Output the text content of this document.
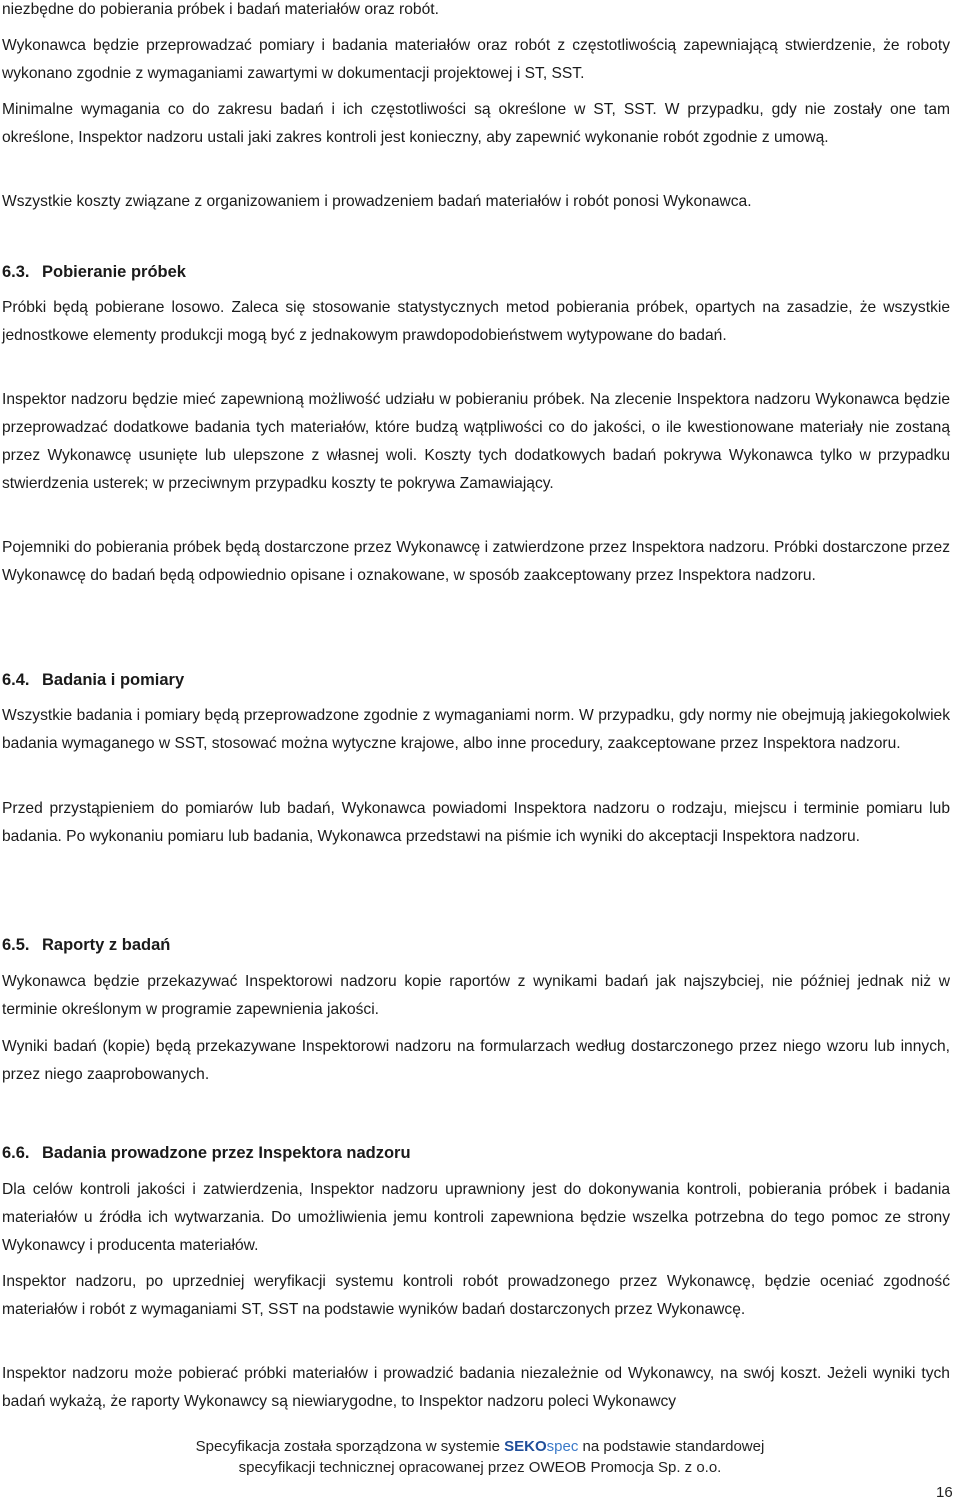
niezbędne do pobierania próbek i badań materiałów oraz robót.

Wykonawca będzie przeprowadzać pomiary i badania materiałów oraz robót z częstotliwością zapewniającą stwierdzenie, że roboty wykonano zgodnie z wymaganiami zawartymi w dokumentacji projektowej i ST, SST.

Minimalne wymagania co do zakresu badań i ich częstotliwości są określone w ST, SST. W przypadku, gdy nie zostały one tam określone, Inspektor nadzoru ustali jaki zakres kontroli jest konieczny, aby zapewnić wykonanie robót zgodnie z umową.

Wszystkie koszty związane z organizowaniem i prowadzeniem badań materiałów i robót ponosi Wykonawca.

6.3. Pobieranie próbek

Próbki będą pobierane losowo. Zaleca się stosowanie statystycznych metod pobierania próbek, opartych na zasadzie, że wszystkie jednostkowe elementy produkcji mogą być z jednakowym prawdopodobieństwem wytypowane do badań.

Inspektor nadzoru będzie mieć zapewnioną możliwość udziału w pobieraniu próbek. Na zlecenie Inspektora nadzoru Wykonawca będzie przeprowadzać dodatkowe badania tych materiałów, które budzą wątpliwości co do jakości, o ile kwestionowane materiały nie zostaną przez Wykonawcę usunięte lub ulepszone z własnej woli. Koszty tych dodatkowych badań pokrywa Wykonawca tylko w przypadku stwierdzenia usterek; w przeciwnym przypadku koszty te pokrywa Zamawiający.

Pojemniki do pobierania próbek będą dostarczone przez Wykonawcę i zatwierdzone przez Inspektora nadzoru. Próbki dostarczone przez Wykonawcę do badań będą odpowiednio opisane i oznakowane, w sposób zaakceptowany przez Inspektora nadzoru.

6.4. Badania i pomiary

Wszystkie badania i pomiary będą przeprowadzone zgodnie z wymaganiami norm. W przypadku, gdy normy nie obejmują jakiegokolwiek badania wymaganego w SST, stosować można wytyczne krajowe, albo inne procedury, zaakceptowane przez Inspektora nadzoru.

Przed przystąpieniem do pomiarów lub badań, Wykonawca powiadomi Inspektora nadzoru o rodzaju, miejscu i terminie pomiaru lub badania. Po wykonaniu pomiaru lub badania, Wykonawca przedstawi na piśmie ich wyniki do akceptacji Inspektora nadzoru.

6.5. Raporty z badań

Wykonawca będzie przekazywać Inspektorowi nadzoru kopie raportów z wynikami badań jak najszybciej, nie później jednak niż w terminie określonym w programie zapewnienia jakości.

Wyniki badań (kopie) będą przekazywane Inspektorowi nadzoru na formularzach według dostarczonego przez niego wzoru lub innych, przez niego zaaprobowanych.

6.6. Badania prowadzone przez Inspektora nadzoru

Dla celów kontroli jakości i zatwierdzenia, Inspektor nadzoru uprawniony jest do dokonywania kontroli, pobierania próbek i badania materiałów u źródła ich wytwarzania. Do umożliwienia jemu kontroli zapewniona będzie wszelka potrzebna do tego pomoc ze strony Wykonawcy i producenta materiałów.

Inspektor nadzoru, po uprzedniej weryfikacji systemu kontroli robót prowadzonego przez Wykonawcę, będzie oceniać zgodność materiałów i robót z wymaganiami ST, SST na podstawie wyników badań dostarczonych przez Wykonawcę.

Inspektor nadzoru może pobierać próbki materiałów i prowadzić badania niezależnie od Wykonawcy, na swój koszt. Jeżeli wyniki tych badań wykażą, że raporty Wykonawcy są niewiarygodne, to Inspektor nadzoru poleci Wykonawcy

Specyfikacja została sporządzona w systemie SEKOspec na podstawie standardowej
specyfikacji technicznej opracowanej przez OWEOB Promocja Sp. z o.o.
16
